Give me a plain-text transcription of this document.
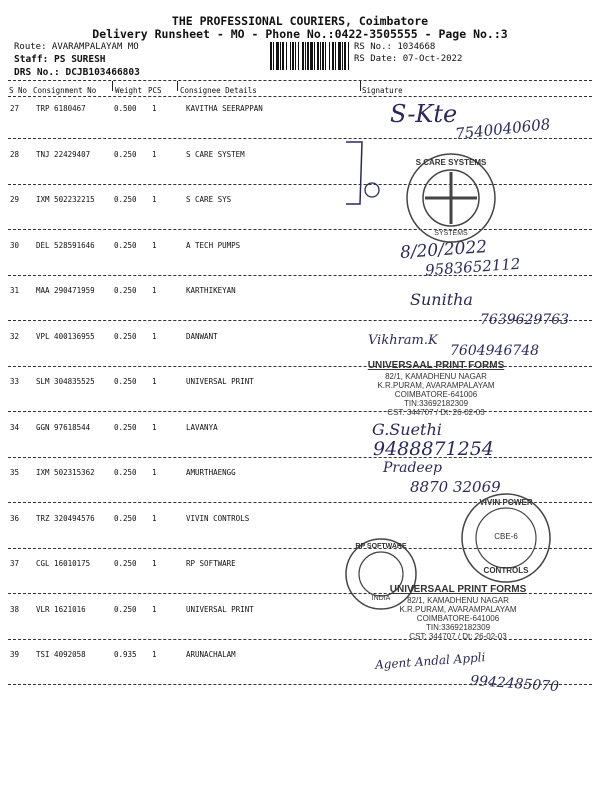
THE PROFESSIONAL COURIERS, Coimbatore
Delivery Runsheet - MO - Phone No.:0422-3505555 - Page No.:3
Route: AVARAMPALAYAM MO
Staff: PS SURESH
DRS No.: DCJB103466803
RS No.: 1034668
RS Date: 07-Oct-2022
S No Consignment No	Weight PCS Consignee Details	Signature
27 TRP 6180467	0.500 1	KAVITHA SEERAPPAN
28 TNJ 22429407	0.250 1	S CARE SYSTEM
29 IXM 502232215	0.250 1	S CARE SYS
30 DEL 528591646	0.250 1	A TECH PUMPS
31 MAA 290471959	0.250 1	KARTHIKEYAN
32 VPL 400136955	0.250 1	DANWANT
33 SLM 304835525	0.250 1	UNIVERSAL PRINT
34 GGN 97618544	0.250 1	LAVANYA
35 IXM 502315362	0.250 1	AMURTHAENGG
36 TRZ 320494576	0.250 1	VIVIN CONTROLS
37 CGL 16010175	0.250 1	RP SOFTWARE
38 VLR 1621016	0.250 1	UNIVERSAL PRINT
39 TSI 4092058	0.935 1	ARUNACHALAM
S-Kte
7540040608
8/20/2022
9583652112
Sunitha
7639629763
Vikhram.K
7604946748
G.Suethi
9488871254
Pradeep
8870 32069
Agent Andal Appli
9942485070
S CARE SYSTEMS
SYSTEMS
UNIVERSAAL PRINT FORMS
82/1, KAMADHENU NAGAR
K.R.PURAM, AVARAMPALAYAM
COIMBATORE-641006
TIN:33692182309
CST: 344707 / Dt: 26-02-03
VIVIN POWER
CBE-6
CONTROLS
RP SOFTWARE
INDIA
UNIVERSAAL PRINT FORMS
82/1, KAMADHENU NAGAR
K.R.PURAM, AVARAMPALAYAM
COIMBATORE-641006
TIN:33692182309
CST: 344707 / Dt: 26-02-03
